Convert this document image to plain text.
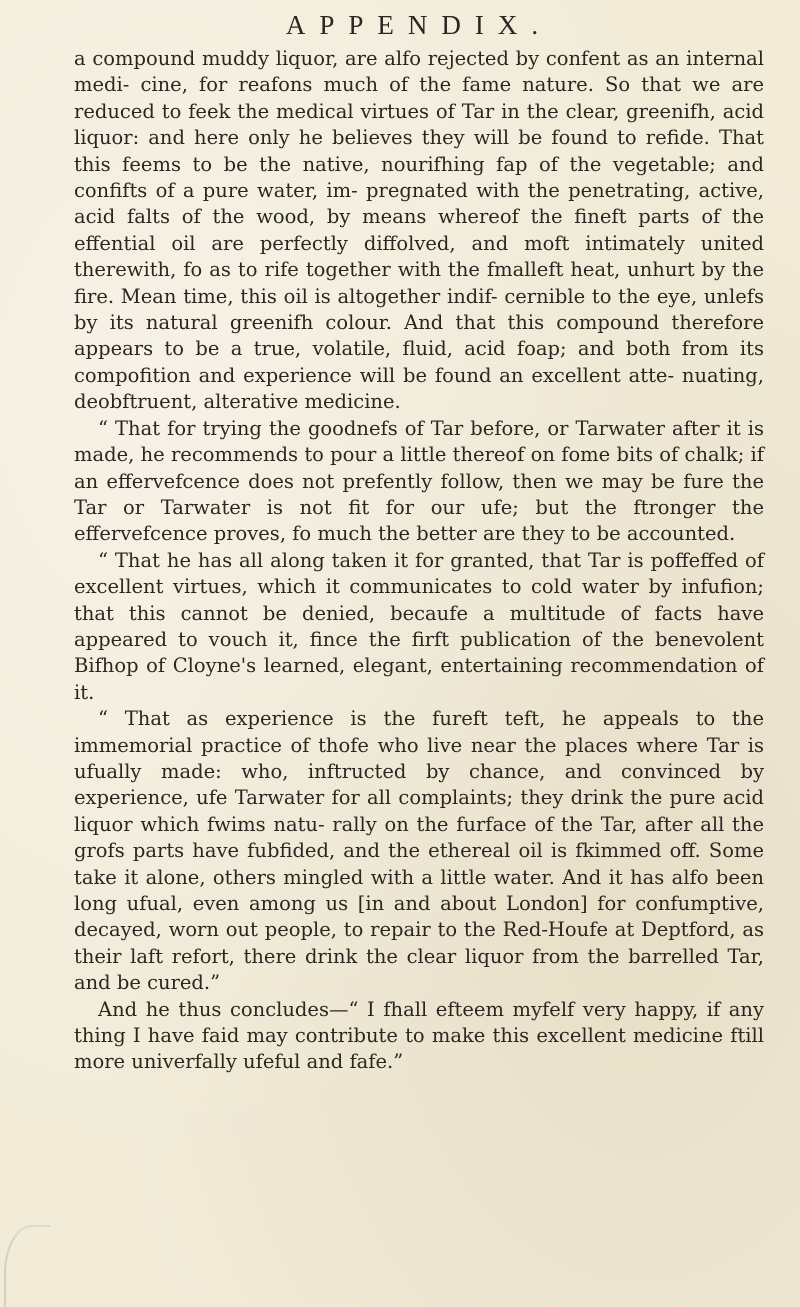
APPENDIX.

a compound muddy liquor, are alfo rejected by confent as an internal medi- cine, for reafons much of the fame nature. So that we are reduced to feek the medical virtues of Tar in the clear, greenifh, acid liquor: and here only he believes they will be found to refide. That this feems to be the native, nourifhing fap of the vegetable; and confifts of a pure water, im- pregnated with the penetrating, active, acid falts of the wood, by means whereof the fineft parts of the effential oil are perfectly diffolved, and moft intimately united therewith, fo as to rife together with the fmalleft heat, unhurt by the fire. Mean time, this oil is altogether indif- cernible to the eye, unlefs by its natural greenifh colour. And that this compound therefore appears to be a true, volatile, fluid, acid foap; and both from its compofition and experience will be found an excellent atte- nuating, deobftruent, alterative medicine.

“ That for trying the goodnefs of Tar before, or Tarwater after it is made, he recommends to pour a little thereof on fome bits of chalk; if an effervefcence does not prefently follow, then we may be fure the Tar or Tarwater is not fit for our ufe; but the ftronger the effervefcence proves, fo much the better are they to be accounted.

“ That he has all along taken it for granted, that Tar is poffeffed of excellent virtues, which it communicates to cold water by infufion; that this cannot be denied, becaufe a multitude of facts have appeared to vouch it, fince the firft publication of the benevolent Bifhop of Cloyne's learned, elegant, entertaining recommendation of it.

“ That as experience is the fureft teft, he appeals to the immemorial practice of thofe who live near the places where Tar is ufually made: who, inftructed by chance, and convinced by experience, ufe Tarwater for all complaints; they drink the pure acid liquor which fwims natu- rally on the furface of the Tar, after all the grofs parts have fubfided, and the ethereal oil is fkimmed off. Some take it alone, others mingled with a little water. And it has alfo been long ufual, even among us [in and about London] for confumptive, decayed, worn out people, to repair to the Red-Houfe at Deptford, as their laft refort, there drink the clear liquor from the barrelled Tar, and be cured.”

And he thus concludes—“ I fhall efteem myfelf very happy, if any thing I have faid may contribute to make this excellent medicine ftill more univerfally ufeful and fafe.”
